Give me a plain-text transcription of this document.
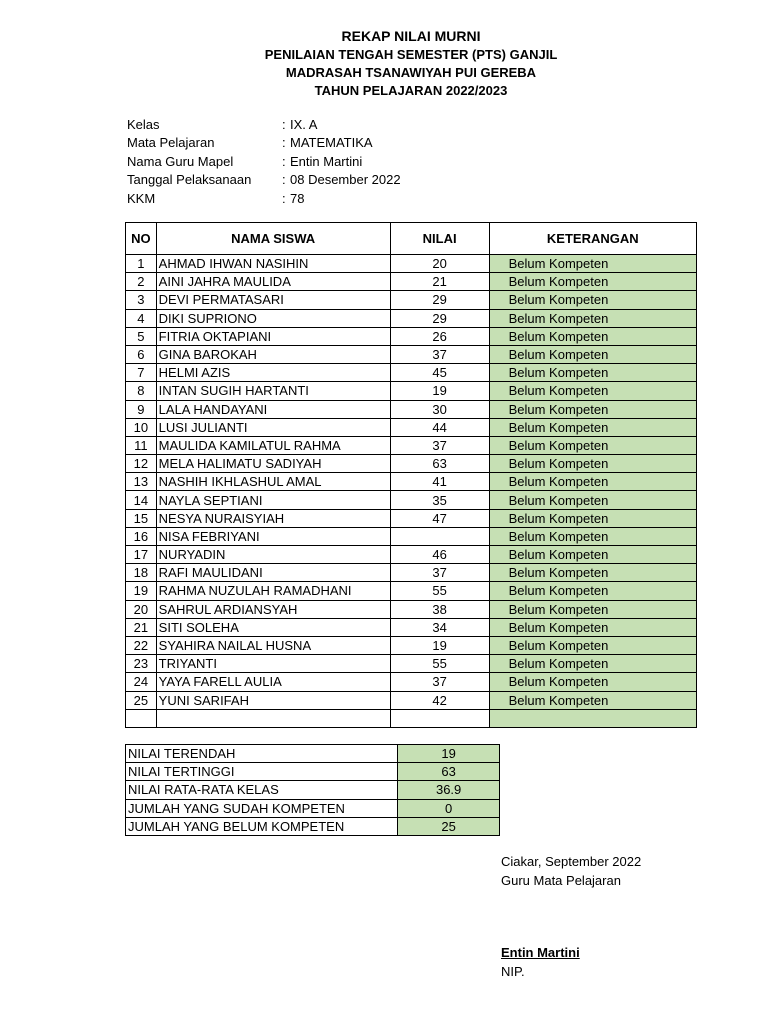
REKAP NILAI MURNI
PENILAIAN TENGAH SEMESTER (PTS) GANJIL
MADRASAH TSANAWIYAH PUI GEREBA
TAHUN PELAJARAN 2022/2023
Kelas	: IX. A
Mata Pelajaran	: MATEMATIKA
Nama Guru Mapel	: Entin Martini
Tanggal Pelaksanaan	: 08 Desember 2022
KKM	: 78
NO	NAMA SISWA	NILAI	KETERANGAN
1	AHMAD IHWAN NASIHIN	20	Belum Kompeten
2	AINI JAHRA MAULIDA	21	Belum Kompeten
3	DEVI PERMATASARI	29	Belum Kompeten
4	DIKI SUPRIONO	29	Belum Kompeten
5	FITRIA OKTAPIANI	26	Belum Kompeten
6	GINA BAROKAH	37	Belum Kompeten
7	HELMI AZIS	45	Belum Kompeten
8	INTAN SUGIH HARTANTI	19	Belum Kompeten
9	LALA HANDAYANI	30	Belum Kompeten
10	LUSI JULIANTI	44	Belum Kompeten
11	MAULIDA KAMILATUL RAHMA	37	Belum Kompeten
12	MELA HALIMATU SADIYAH	63	Belum Kompeten
13	NASHIH IKHLASHUL AMAL	41	Belum Kompeten
14	NAYLA SEPTIANI	35	Belum Kompeten
15	NESYA NURAISYIAH	47	Belum Kompeten
16	NISA FEBRIYANI		Belum Kompeten
17	NURYADIN	46	Belum Kompeten
18	RAFI MAULIDANI	37	Belum Kompeten
19	RAHMA NUZULAH RAMADHANI	55	Belum Kompeten
20	SAHRUL ARDIANSYAH	38	Belum Kompeten
21	SITI SOLEHA	34	Belum Kompeten
22	SYAHIRA NAILAL HUSNA	19	Belum Kompeten
23	TRIYANTI	55	Belum Kompeten
24	YAYA FARELL AULIA	37	Belum Kompeten
25	YUNI SARIFAH	42	Belum Kompeten

NILAI TERENDAH	19
NILAI TERTINGGI	63
NILAI RATA-RATA KELAS	36.9
JUMLAH YANG SUDAH KOMPETEN	0
JUMLAH YANG BELUM KOMPETEN	25
Ciakar, September 2022
Guru Mata Pelajaran
Entin Martini
NIP.
